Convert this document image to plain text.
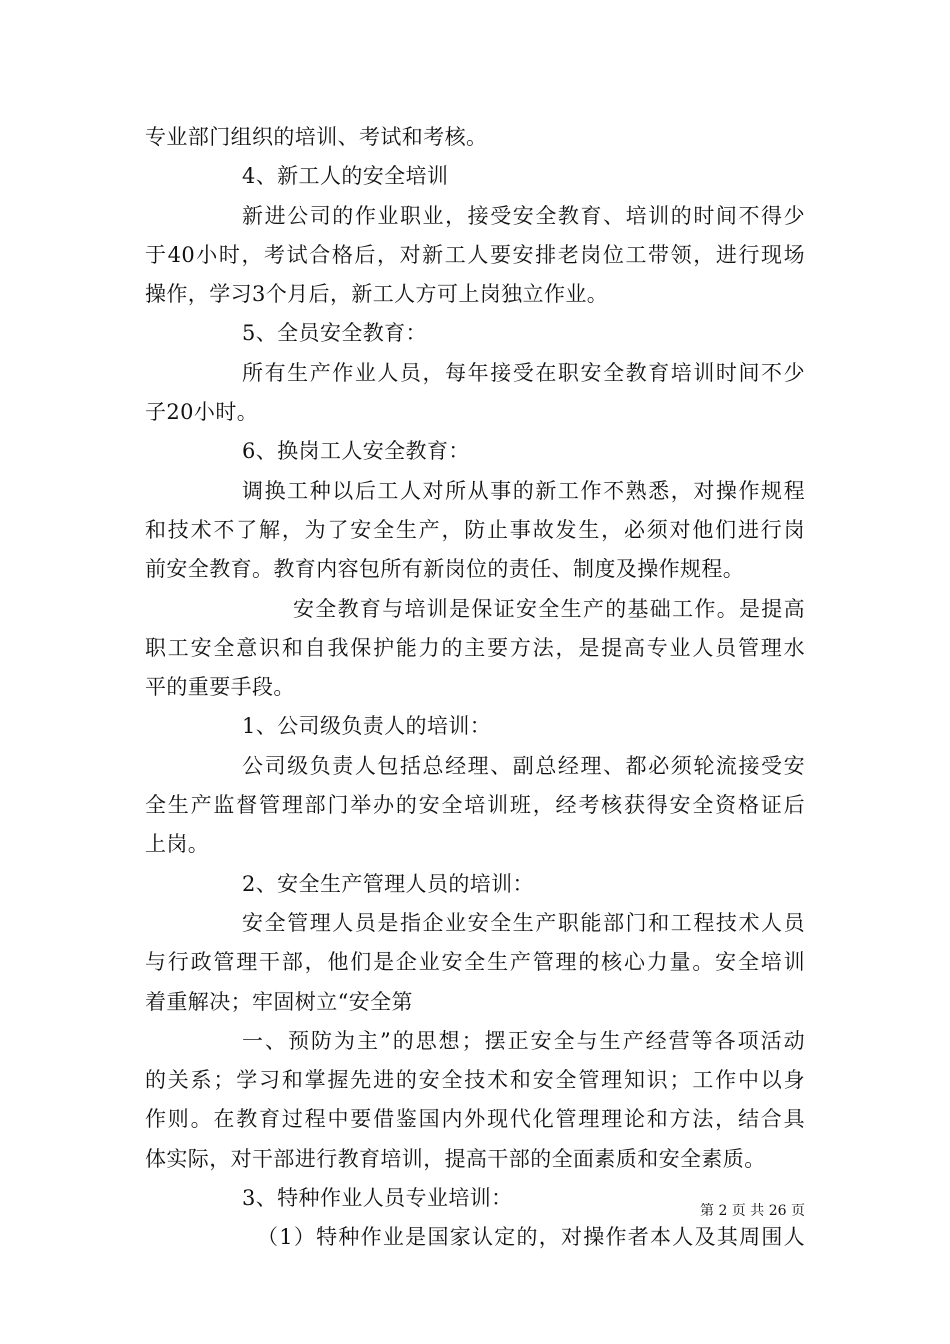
专业部门组织的培训、考试和考核。
4、新工人的安全培训
新进公司的作业职业，接受安全教育、培训的时间不得少
于40小时，考试合格后，对新工人要安排老岗位工带领，进行现场
操作，学习3个月后，新工人方可上岗独立作业。
5、全员安全教育：
所有生产作业人员，每年接受在职安全教育培训时间不少
子20小时。
6、换岗工人安全教育：
调换工种以后工人对所从事的新工作不熟悉，对操作规程
和技术不了解，为了安全生产，防止事故发生，必须对他们进行岗
前安全教育。教育内容包所有新岗位的责任、制度及操作规程。
安全教育与培训是保证安全生产的基础工作。是提高
职工安全意识和自我保护能力的主要方法，是提高专业人员管理水
平的重要手段。
1、公司级负责人的培训：
公司级负责人包括总经理、副总经理、都必须轮流接受安
全生产监督管理部门举办的安全培训班，经考核获得安全资格证后
上岗。
2、安全生产管理人员的培训：
安全管理人员是指企业安全生产职能部门和工程技术人员
与行政管理干部，他们是企业安全生产管理的核心力量。安全培训
着重解决；牢固树立“安全第
一、预防为主”的思想；摆正安全与生产经营等各项活动
的关系；学习和掌握先进的安全技术和安全管理知识；工作中以身
作则。在教育过程中要借鉴国内外现代化管理理论和方法，结合具
体实际，对干部进行教育培训，提高干部的全面素质和安全素质。
3、特种作业人员专业培训：
（1）特种作业是国家认定的，对操作者本人及其周围人
第 2 页 共 26 页
